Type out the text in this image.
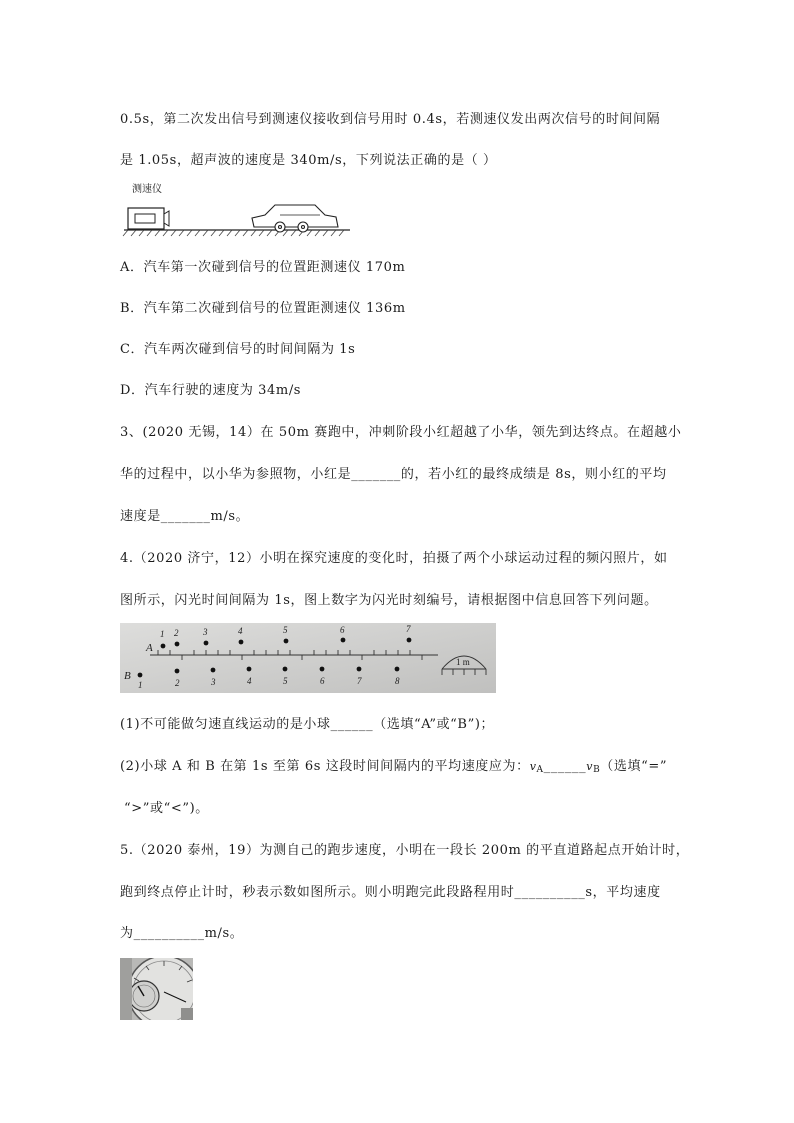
0.5s，第二次发出信号到测速仪接收到信号用时 0.4s，若测速仪发出两次信号的时间间隔
是 1.05s，超声波的速度是 340m/s，下列说法正确的是（ ）
测速仪
A．汽车第一次碰到信号的位置距测速仪 170m
B．汽车第二次碰到信号的位置距测速仪 136m
C．汽车两次碰到信号的时间间隔为 1s
D．汽车行驶的速度为 34m/s
3、(2020 无锡，14）在 50m 赛跑中，冲刺阶段小红超越了小华，领先到达终点。在超越小
华的过程中，以小华为参照物，小红是_______的，若小红的最终成绩是 8s，则小红的平均
速度是_______m/s。
4.（2020 济宁，12）小明在探究速度的变化时，拍摄了两个小球运动过程的频闪照片，如
图所示，闪光时间间隔为 1s，图上数字为闪光时刻编号，请根据图中信息回答下列问题。
A
B
1 2	3	4	5	6	7
1	2	3	4	5	6	7	8
1 m
(1)不可能做匀速直线运动的是小球______（选填“A”或“B”)；
(2)小球 A 和 B 在第 1s 至第 6s 这段时间间隔内的平均速度应为：$v_A\_\_\_\_\_\_v_B$（选填“=”
“>”或“<”)。
5.（2020 泰州，19）为测自己的跑步速度，小明在一段长 200m 的平直道路起点开始计时，
跑到终点停止计时，秒表示数如图所示。则小明跑完此段路程用时__________s，平均速度
为__________m/s。
